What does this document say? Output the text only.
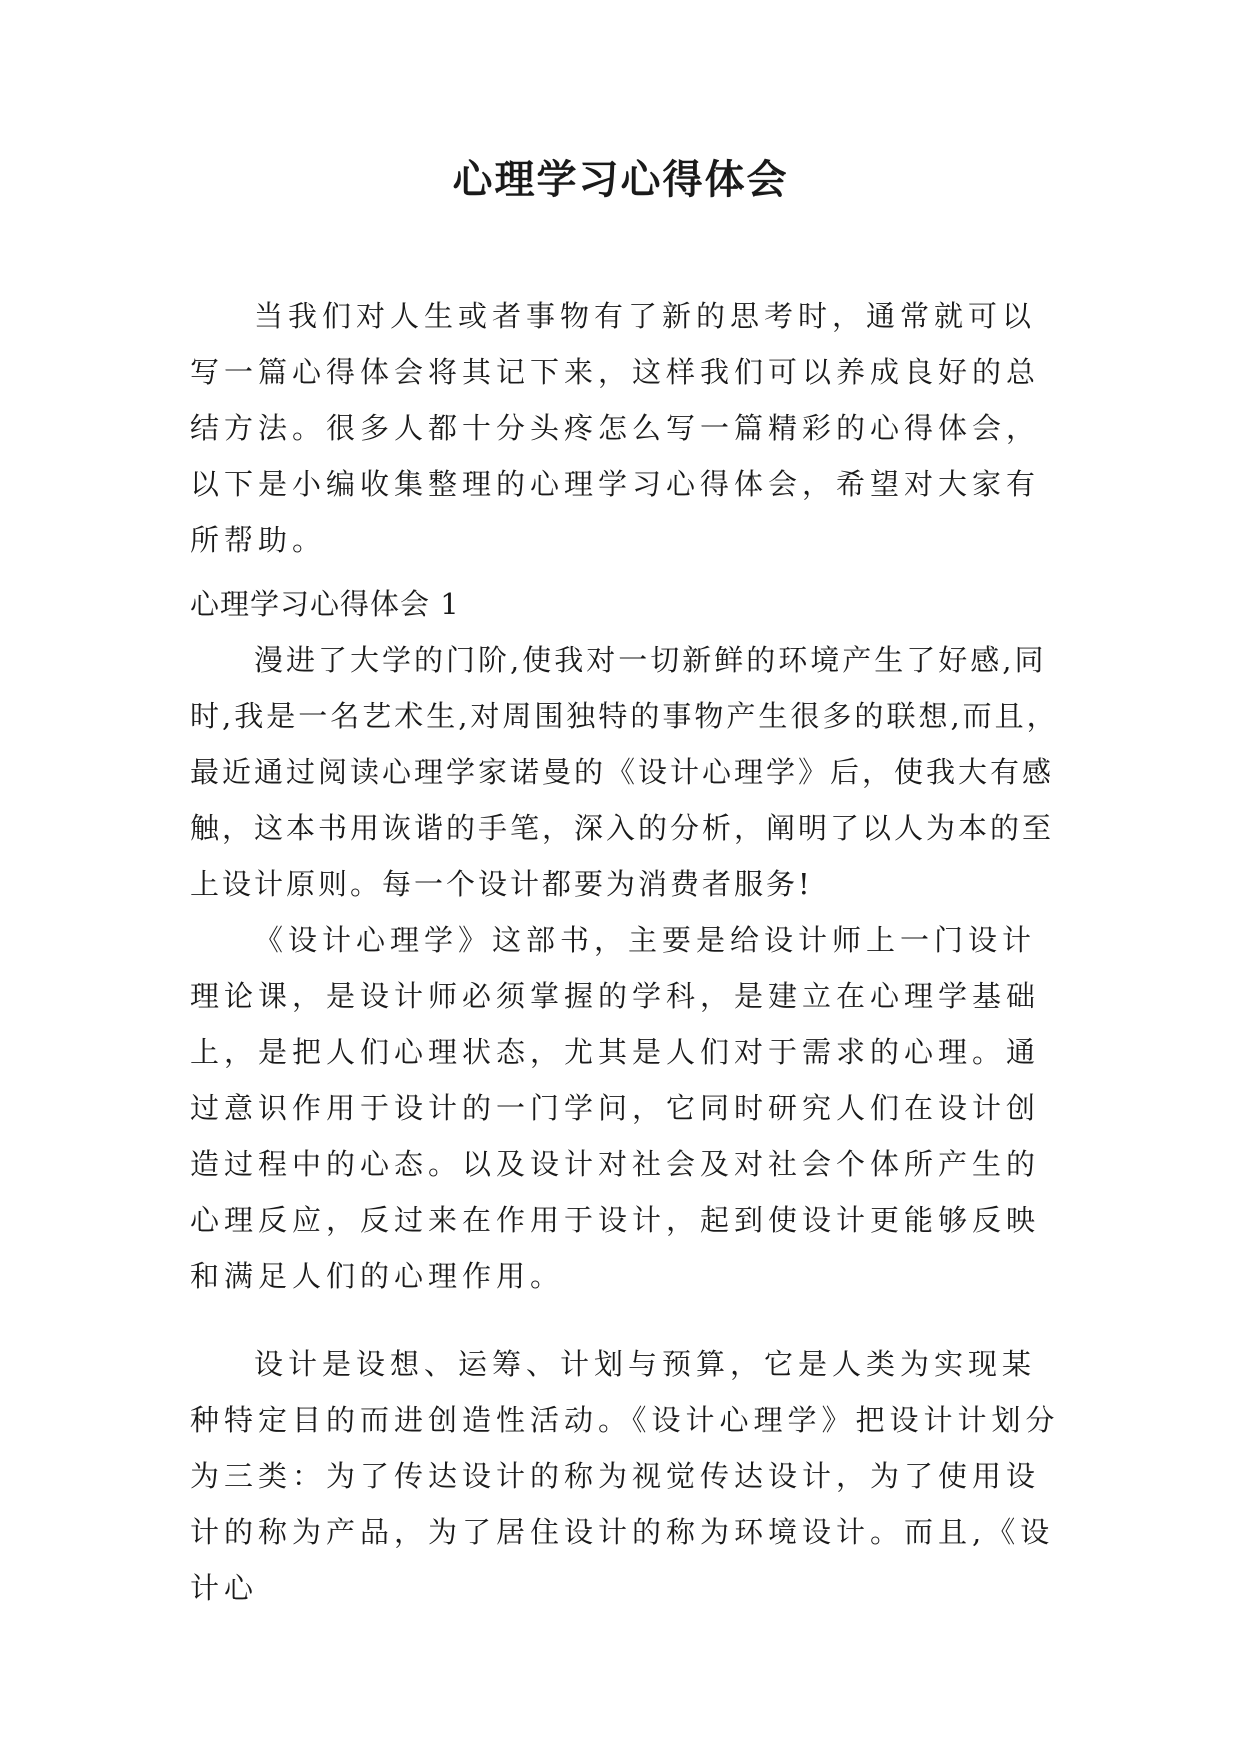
心理学习心得体会

当我们对人生或者事物有了新的思考时，通常就可以写一篇心得体会将其记下来，这样我们可以养成良好的总结方法。很多人都十分头疼怎么写一篇精彩的心得体会，以下是小编收集整理的心理学习心得体会，希望对大家有所帮助。

心理学习心得体会 1

漫进了大学的门阶,使我对一切新鲜的环境产生了好感,同时,我是一名艺术生,对周围独特的事物产生很多的联想,而且，最近通过阅读心理学家诺曼的《设计心理学》后，使我大有感触，这本书用诙谐的手笔，深入的分析，阐明了以人为本的至上设计原则。每一个设计都要为消费者服务!

《设计心理学》这部书，主要是给设计师上一门设计理论课，是设计师必须掌握的学科，是建立在心理学基础上，是把人们心理状态，尤其是人们对于需求的心理。通过意识作用于设计的一门学问，它同时研究人们在设计创造过程中的心态。以及设计对社会及对社会个体所产生的心理反应，反过来在作用于设计，起到使设计更能够反映和满足人们的心理作用。

设计是设想、运筹、计划与预算，它是人类为实现某种特定目的而进创造性活动。《设计心理学》把设计计划分为三类：为了传达设计的称为视觉传达设计，为了使用设计的称为产品，为了居住设计的称为环境设计。而且,《设计心
